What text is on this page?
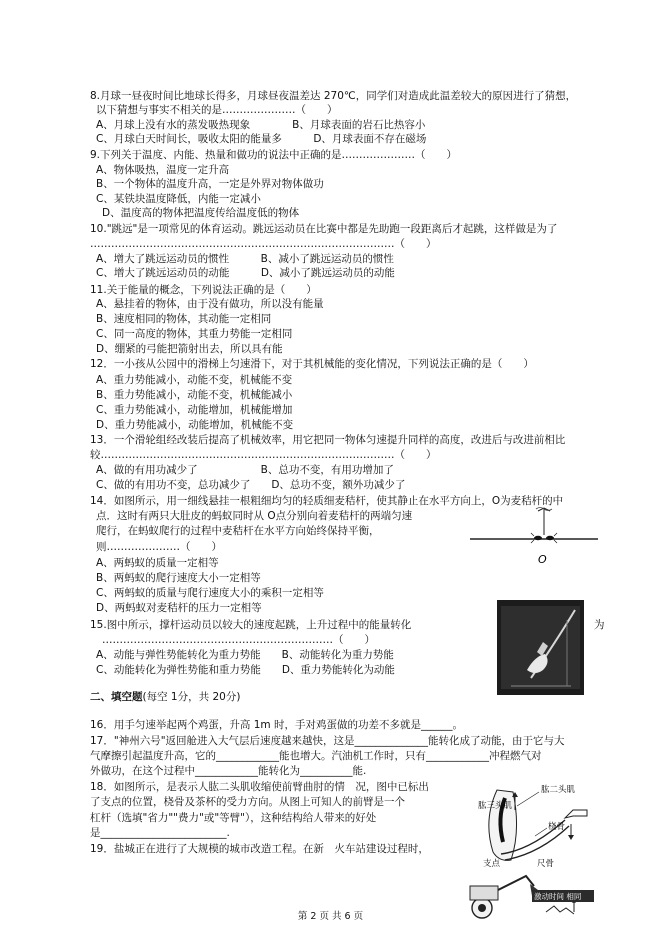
8.月球一昼夜时间比地球长得多，月球昼夜温差达 270℃，同学们对造成此温差较大的原因进行了猜想，
以下猜想与事实不相关的是…………………（　　）
A、月球上没有水的蒸发吸热现象　　　　B、月球表面的岩石比热容小
C、月球白天时间长，吸收太阳的能量多　　　D、月球表面不存在磁场
9.下列关于温度、内能、热量和做功的说法中正确的是…………………（　　）
A、物体吸热，温度一定升高
B、一个物体的温度升高，一定是外界对物体做功
C、某铁块温度降低，内能一定减小
D、温度高的物体把温度传给温度低的物体
10."跳远"是一项常见的体育运动。跳远运动员在比赛中都是先助跑一段距离后才起跳，这样做是为了
……………………………………………………………………………（　　）
A、增大了跳远运动员的惯性　　　B、减小了跳远运动员的惯性
C、增大了跳远运动员的动能　　　D、减小了跳远运动员的动能
11.关于能量的概念，下列说法正确的是（　　）
A、悬挂着的物体，由于没有做功，所以没有能量
B、速度相同的物体，其动能一定相同
C、同一高度的物体，其重力势能一定相同
D、绷紧的弓能把箭射出去，所以具有能
12．一小孩从公园中的滑梯上匀速滑下，对于其机械能的变化情况，下列说法正确的是（　　）
A、重力势能减小，动能不变，机械能不变
B、重力势能减小，动能不变，机械能减小
C、重力势能减小，动能增加，机械能增加
D、重力势能减小，动能增加，机械能不变
13．一个滑轮组经改装后提高了机械效率，用它把同一物体匀速提升同样的高度，改进后与改进前相比
较…………………………………………………………………………（　　）
A、做的有用功减少了　　　　　　B、总功不变，有用功增加了
C、做的有用功不变，总功减少了　　D、总功不变，额外功减少了
14．如图所示，用一细线悬挂一根粗细均匀的轻质细麦秸杆，使其静止在水平方向上，O为麦秸杆的中
点．这时有两只大肚皮的蚂蚁同时从 O点分别向着麦秸杆的两端匀速
爬行，在蚂蚁爬行的过程中麦秸杆在水平方向始终保持平衡，
则…………………（　　）
A、两蚂蚁的质量一定相等
B、两蚂蚁的爬行速度大小一定相等
C、两蚂蚁的质量与爬行速度大小的乘积一定相等
D、两蚂蚁对麦秸杆的压力一定相等
O
15.图中所示，撑杆运动员以较大的速度起跳，上升过程中的能量转化	为
…………………………………………………………（　　）
A、动能与弹性势能转化为重力势能　　B、动能转化为重力势能
C、动能转化为弹性势能和重力势能　　D、重力势能转化为动能
二、填空题(每空 1分，共 20分)
16．用手匀速举起两个鸡蛋，升高 1m 时，手对鸡蛋做的功差不多就是______。
17．"神州六号"返回舱进入大气层后速度越来越快，这是______________能转化成了动能，由于它与大
气摩擦引起温度升高，它的____________能也增大。汽油机工作时，只有____________冲程燃气对
外做功，在这个过程中____________能转化为__________能.
18．如图所示，是表示人肱二头肌收缩使前臂曲肘的情　况，图中已标出
了支点的位置，桡骨及茶杯的受力方向。从图上可知人的前臂是一个
杠杆（选填"省力""费力"或"等臂"），这种结构给人带来的好处
是________________________.
肱二头肌
桡骨
肱三头肌
支点	尺骨
19．盐城正在进行了大规模的城市改造工程。在新　火车站建设过程时，
激动时间 相同
第 2 页 共 6 页
